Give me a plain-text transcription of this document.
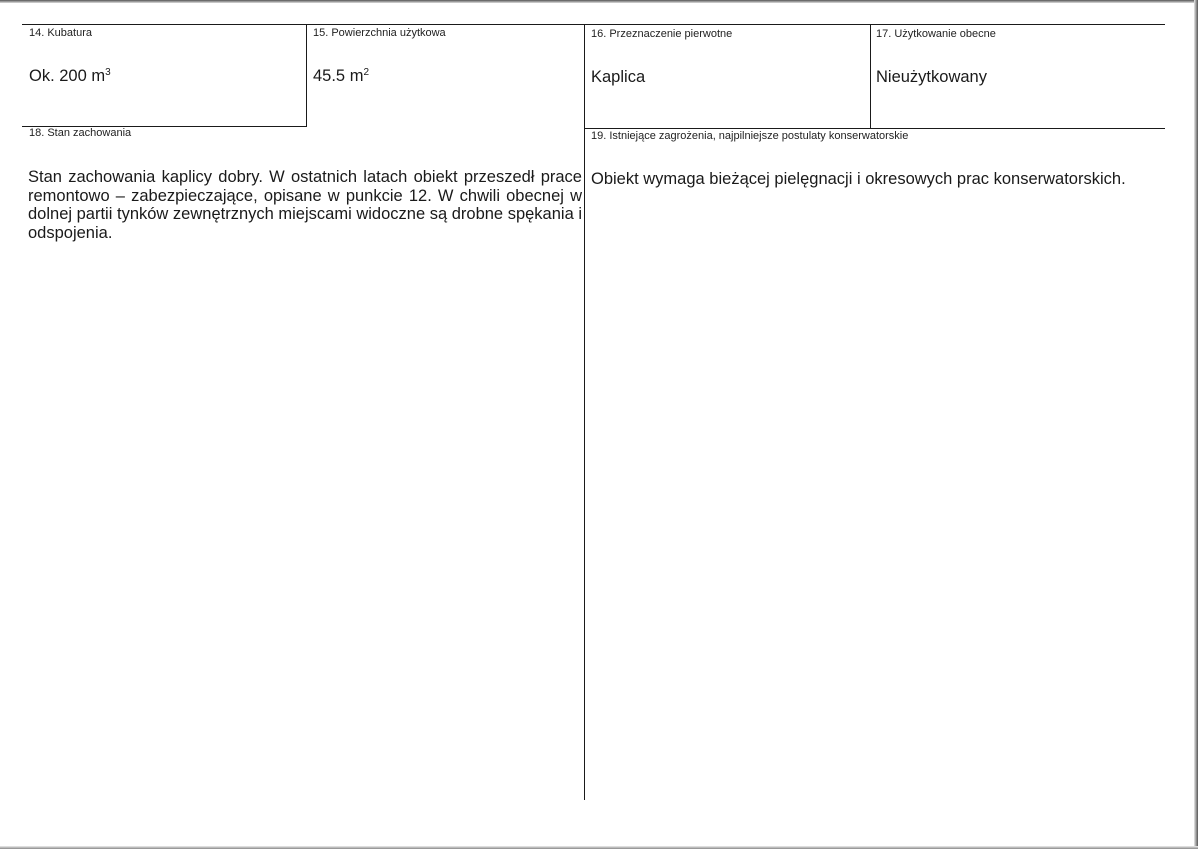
14. Kubatura
Ok. 200 $m^3$
15. Powierzchnia użytkowa
45.5 $m^2$
16. Przeznaczenie pierwotne
Kaplica
17. Użytkowanie obecne
Nieużytkowany
18. Stan zachowania
Stan zachowania kaplicy dobry. W ostatnich latach obiekt przeszedł prace remontowo – zabezpieczające, opisane w punkcie 12. W chwili obecnej w dolnej partii tynków zewnętrznych miejscami widoczne są drobne spękania i odspojenia.
19. Istniejące zagrożenia, najpilniejsze postulaty konserwatorskie
Obiekt wymaga bieżącej pielęgnacji i okresowych prac konserwatorskich.
